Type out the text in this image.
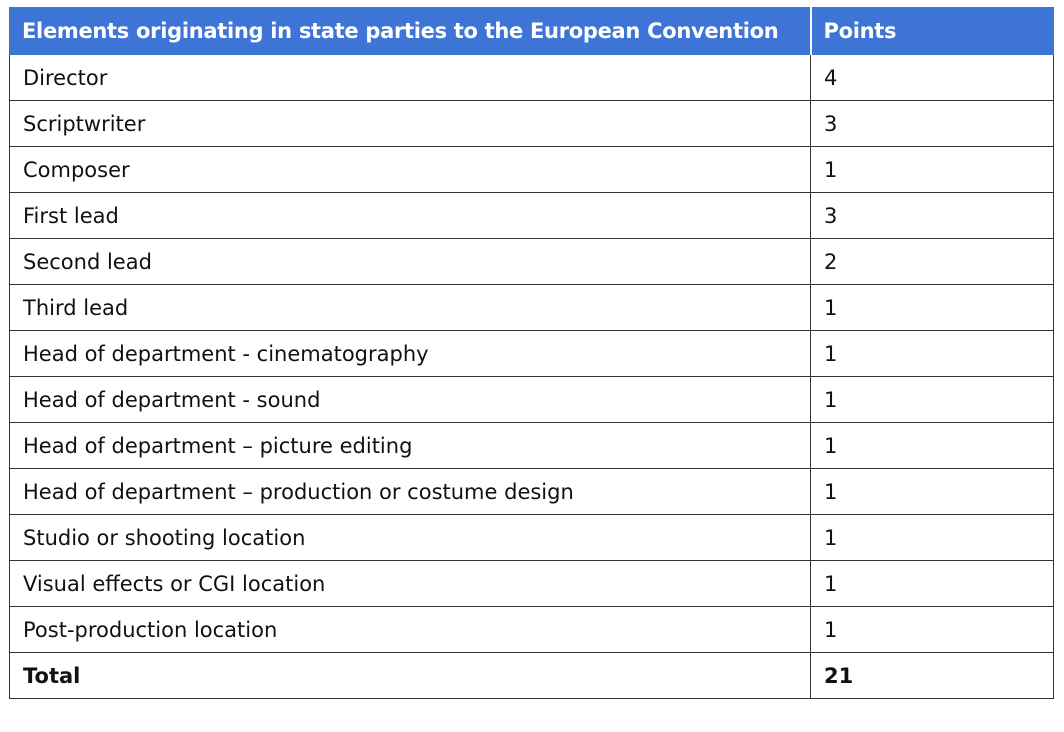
Elements originating in state parties to the European Convention	Points
Director	4
Scriptwriter	3
Composer	1
First lead	3
Second lead	2
Third lead	1
Head of department - cinematography	1
Head of department - sound	1
Head of department – picture editing	1
Head of department – production or costume design	1
Studio or shooting location	1
Visual effects or CGI location	1
Post-production location	1
Total	21
